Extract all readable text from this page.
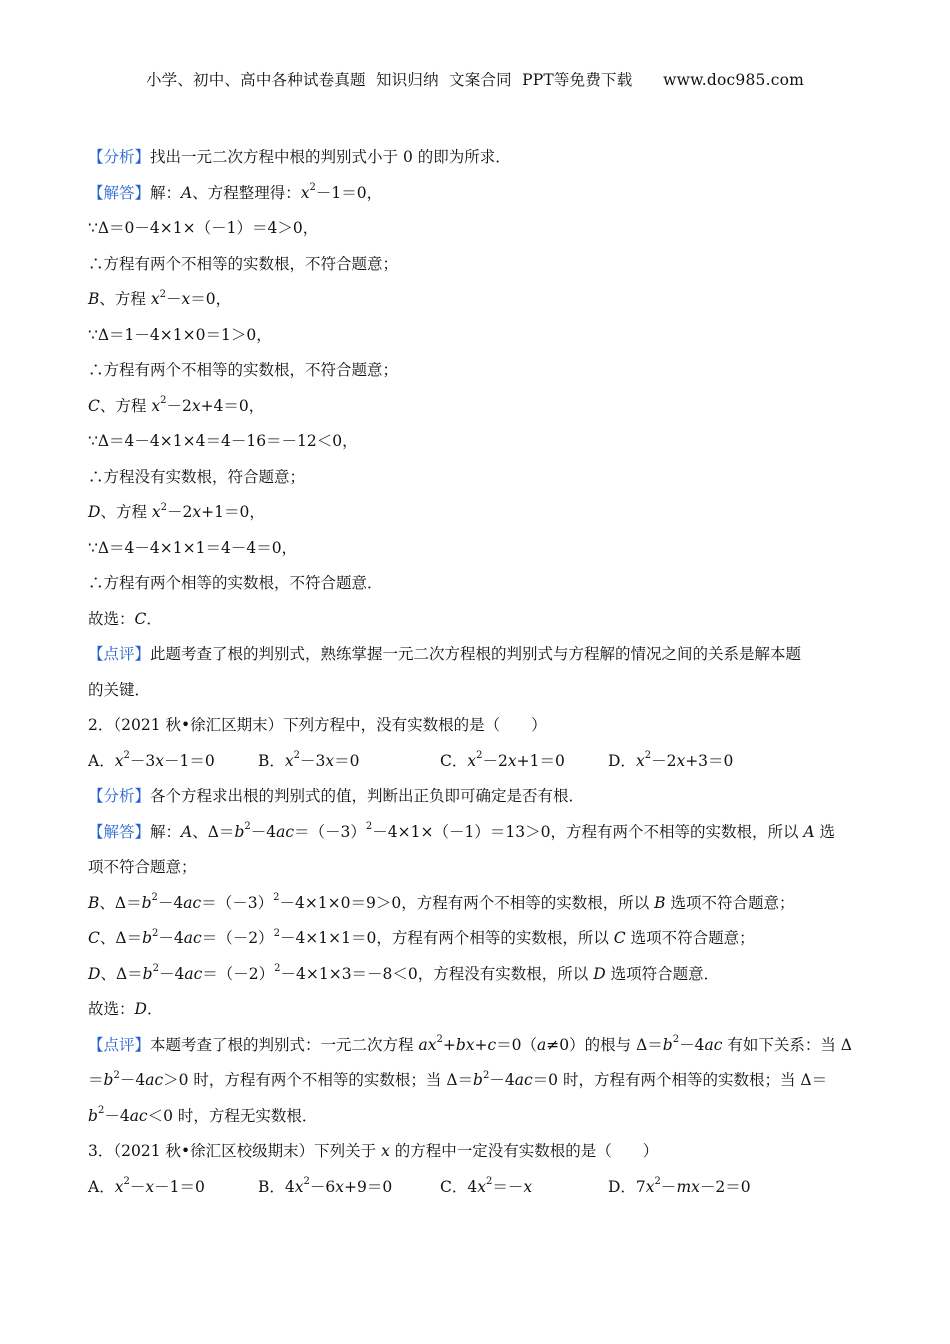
小学、初中、高中各种试卷真题  知识归纳  文案合同  PPT等免费下载      www.doc985.com
【分析】找出一元二次方程中根的判别式小于 0 的即为所求．
【解答】解：A、方程整理得：$x^2-1=0$，
∵Δ＝0－4×1×（－1）＝4＞0，
∴方程有两个不相等的实数根，不符合题意；
B、方程 $x^2-x=0$，
∵Δ＝1－4×1×0＝1＞0，
∴方程有两个不相等的实数根，不符合题意；
C、方程 $x^2-2x+4=0$，
∵Δ＝4－4×1×4＝4－16＝－12＜0，
∴方程没有实数根，符合题意；
D、方程 $x^2-2x+1=0$，
∵Δ＝4－4×1×1＝4－4＝0，
∴方程有两个相等的实数根，不符合题意．
故选：C．
【点评】此题考查了根的判别式，熟练掌握一元二次方程根的判别式与方程解的情况之间的关系是解本题
的关键．
2．（2021 秋•徐汇区期末）下列方程中，没有实数根的是（　　）
A．$x^2-3x-1=0$	B．$x^2-3x=0$	C．$x^2-2x+1=0$	D．$x^2-2x+3=0$
【分析】各个方程求出根的判别式的值，判断出正负即可确定是否有根．
【解答】解：A、$\Delta=b^2-4ac=(-3)^2-4\times 1\times(-1)=13>0$，方程有两个不相等的实数根，所以 A 选
项不符合题意；
B、$\Delta=b^2-4ac=(-3)^2-4\times 1\times 0=9>0$，方程有两个不相等的实数根，所以 B 选项不符合题意；
C、$\Delta=b^2-4ac=(-2)^2-4\times 1\times 1=0$，方程有两个相等的实数根，所以 C 选项不符合题意；
D、$\Delta=b^2-4ac=(-2)^2-4\times 1\times 3=-8<0$，方程没有实数根，所以 D 选项符合题意．
故选：D．
【点评】本题考查了根的判别式：一元二次方程 $ax^2+bx+c=0(a\ne 0)$的根与 $\Delta=b^2-4ac$ 有如下关系：当 Δ
$=b^2-4ac>0$ 时，方程有两个不相等的实数根；当 $\Delta=b^2-4ac=0$ 时，方程有两个相等的实数根；当 Δ＝
$b^2-4ac<0$ 时，方程无实数根．
3．（2021 秋•徐汇区校级期末）下列关于 x 的方程中一定没有实数根的是（　　）
A．$x^2-x-1=0$	B．$4x^2-6x+9=0$	C．$4x^2=-x$	D．$7x^2-mx-2=0$
